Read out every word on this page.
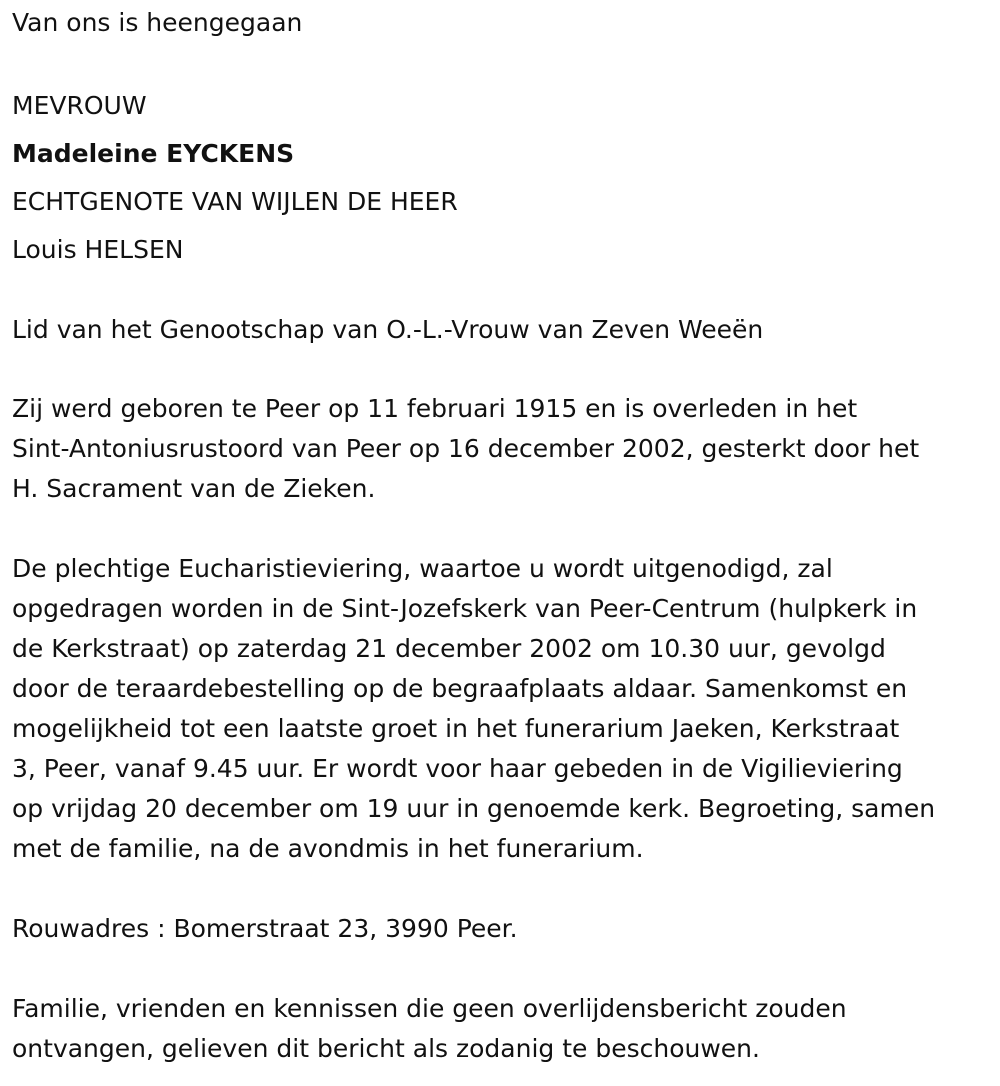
Van ons is heengegaan
MEVROUW
Madeleine EYCKENS
ECHTGENOTE VAN WIJLEN DE HEER
Louis HELSEN
Lid van het Genootschap van O.-L.-Vrouw van Zeven Weeën
Zij werd geboren te Peer op 11 februari 1915 en is overleden in het
Sint-Antoniusrustoord van Peer op 16 december 2002, gesterkt door het
H. Sacrament van de Zieken.
De plechtige Eucharistieviering, waartoe u wordt uitgenodigd, zal
opgedragen worden in de Sint-Jozefskerk van Peer-Centrum (hulpkerk in
de Kerkstraat) op zaterdag 21 december 2002 om 10.30 uur, gevolgd
door de teraardebestelling op de begraafplaats aldaar. Samenkomst en
mogelijkheid tot een laatste groet in het funerarium Jaeken, Kerkstraat
3, Peer, vanaf 9.45 uur. Er wordt voor haar gebeden in de Vigilieviering
op vrijdag 20 december om 19 uur in genoemde kerk. Begroeting, samen
met de familie, na de avondmis in het funerarium.
Rouwadres : Bomerstraat 23, 3990 Peer.
Familie, vrienden en kennissen die geen overlijdensbericht zouden
ontvangen, gelieven dit bericht als zodanig te beschouwen.
